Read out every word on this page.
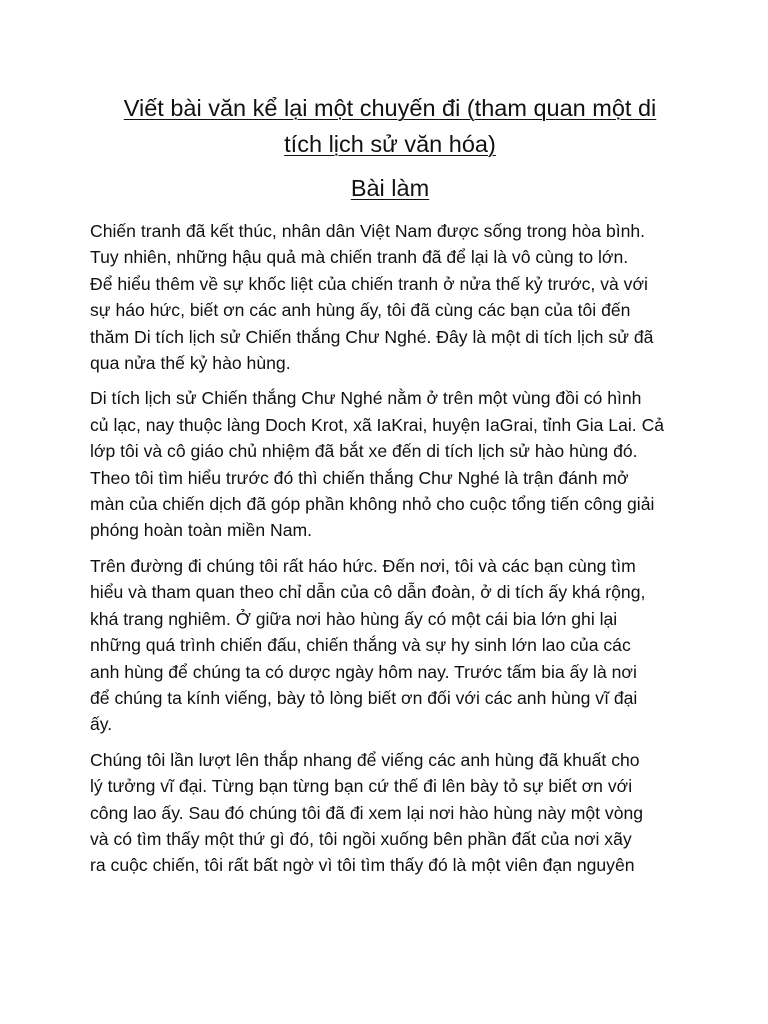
Viết bài văn kể lại một chuyến đi (tham quan một di
tích lịch sử văn hóa)
Bài làm
Chiến tranh đã kết thúc, nhân dân Việt Nam được sống trong hòa bình.
Tuy nhiên, những hậu quả mà chiến tranh đã để lại là vô cùng to lớn.
Để hiểu thêm về sự khốc liệt của chiến tranh ở nửa thế kỷ trước, và với
sự háo hức, biết ơn các anh hùng ấy, tôi đã cùng các bạn của tôi đến
thăm Di tích lịch sử Chiến thắng Chư Nghé. Đây là một di tích lịch sử đã
qua nửa thế kỷ hào hùng.
Di tích lịch sử Chiến thắng Chư Nghé nằm ở trên một vùng đồi có hình
củ lạc, nay thuộc làng Doch Krot, xã IaKrai, huyện IaGrai, tỉnh Gia Lai. Cả
lớp tôi và cô giáo chủ nhiệm đã bắt xe đến di tích lịch sử hào hùng đó.
Theo tôi tìm hiểu trước đó thì chiến thắng Chư Nghé là trận đánh mở
màn của chiến dịch đã góp phần không nhỏ cho cuộc tổng tiến công giải
phóng hoàn toàn miền Nam.
Trên đường đi chúng tôi rất háo hức. Đến nơi, tôi và các bạn cùng tìm
hiểu và tham quan theo chỉ dẫn của cô dẫn đoàn, ở di tích ấy khá rộng,
khá trang nghiêm. Ở giữa nơi hào hùng ấy có một cái bia lớn ghi lại
những quá trình chiến đấu, chiến thắng và sự hy sinh lớn lao của các
anh hùng để chúng ta có dược ngày hôm nay. Trước tấm bia ấy là nơi
để chúng ta kính viếng, bày tỏ lòng biết ơn đối với các anh hùng vĩ đại
ấy.
Chúng tôi lần lượt lên thắp nhang để viếng các anh hùng đã khuất cho
lý tưởng vĩ đại. Từng bạn từng bạn cứ thế đi lên bày tỏ sự biết ơn với
công lao ấy. Sau đó chúng tôi đã đi xem lại nơi hào hùng này một vòng
và có tìm thấy một thứ gì đó, tôi ngồi xuống bên phần đất của nơi xãy
ra cuộc chiến, tôi rất bất ngờ vì tôi tìm thấy đó là một viên đạn nguyên
